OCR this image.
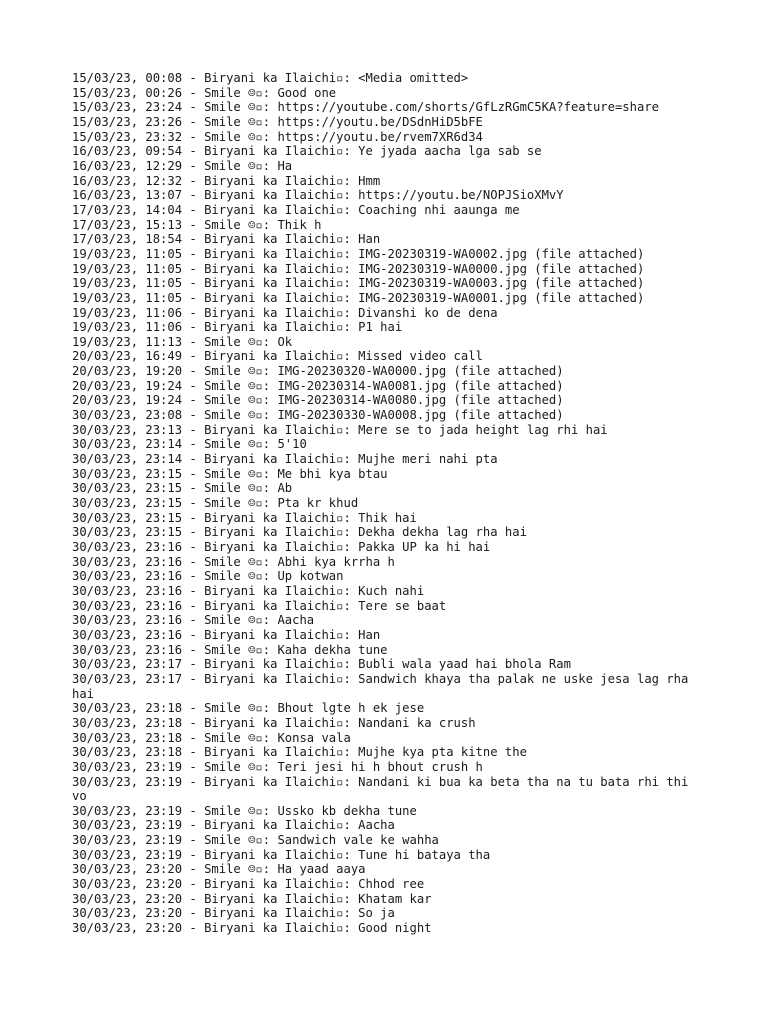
15/03/23, 00:08 - Biryani ka Ilaichi▫: <Media omitted>
15/03/23, 00:26 - Smile ☺▫: Good one
15/03/23, 23:24 - Smile ☺▫: https://youtube.com/shorts/GfLzRGmC5KA?feature=share
15/03/23, 23:26 - Smile ☺▫: https://youtu.be/DSdnHiD5bFE
15/03/23, 23:32 - Smile ☺▫: https://youtu.be/rvem7XR6d34
16/03/23, 09:54 - Biryani ka Ilaichi▫: Ye jyada aacha lga sab se
16/03/23, 12:29 - Smile ☺▫: Ha
16/03/23, 12:32 - Biryani ka Ilaichi▫: Hmm
16/03/23, 13:07 - Biryani ka Ilaichi▫: https://youtu.be/NOPJSioXMvY
17/03/23, 14:04 - Biryani ka Ilaichi▫: Coaching nhi aaunga me
17/03/23, 15:13 - Smile ☺▫: Thik h
17/03/23, 18:54 - Biryani ka Ilaichi▫: Han
19/03/23, 11:05 - Biryani ka Ilaichi▫: IMG-20230319-WA0002.jpg (file attached)
19/03/23, 11:05 - Biryani ka Ilaichi▫: IMG-20230319-WA0000.jpg (file attached)
19/03/23, 11:05 - Biryani ka Ilaichi▫: IMG-20230319-WA0003.jpg (file attached)
19/03/23, 11:05 - Biryani ka Ilaichi▫: IMG-20230319-WA0001.jpg (file attached)
19/03/23, 11:06 - Biryani ka Ilaichi▫: Divanshi ko de dena
19/03/23, 11:06 - Biryani ka Ilaichi▫: P1 hai
19/03/23, 11:13 - Smile ☺▫: Ok
20/03/23, 16:49 - Biryani ka Ilaichi▫: Missed video call
20/03/23, 19:20 - Smile ☺▫: IMG-20230320-WA0000.jpg (file attached)
20/03/23, 19:24 - Smile ☺▫: IMG-20230314-WA0081.jpg (file attached)
20/03/23, 19:24 - Smile ☺▫: IMG-20230314-WA0080.jpg (file attached)
30/03/23, 23:08 - Smile ☺▫: IMG-20230330-WA0008.jpg (file attached)
30/03/23, 23:13 - Biryani ka Ilaichi▫: Mere se to jada height lag rhi hai
30/03/23, 23:14 - Smile ☺▫: 5'10
30/03/23, 23:14 - Biryani ka Ilaichi▫: Mujhe meri nahi pta
30/03/23, 23:15 - Smile ☺▫: Me bhi kya btau
30/03/23, 23:15 - Smile ☺▫: Ab
30/03/23, 23:15 - Smile ☺▫: Pta kr khud
30/03/23, 23:15 - Biryani ka Ilaichi▫: Thik hai
30/03/23, 23:15 - Biryani ka Ilaichi▫: Dekha dekha lag rha hai
30/03/23, 23:16 - Biryani ka Ilaichi▫: Pakka UP ka hi hai
30/03/23, 23:16 - Smile ☺▫: Abhi kya krrha h
30/03/23, 23:16 - Smile ☺▫: Up kotwan
30/03/23, 23:16 - Biryani ka Ilaichi▫: Kuch nahi
30/03/23, 23:16 - Biryani ka Ilaichi▫: Tere se baat
30/03/23, 23:16 - Smile ☺▫: Aacha
30/03/23, 23:16 - Biryani ka Ilaichi▫: Han
30/03/23, 23:16 - Smile ☺▫: Kaha dekha tune
30/03/23, 23:17 - Biryani ka Ilaichi▫: Bubli wala yaad hai bhola Ram
30/03/23, 23:17 - Biryani ka Ilaichi▫: Sandwich khaya tha palak ne uske jesa lag rha hai
30/03/23, 23:18 - Smile ☺▫: Bhout lgte h ek jese
30/03/23, 23:18 - Biryani ka Ilaichi▫: Nandani ka crush
30/03/23, 23:18 - Smile ☺▫: Konsa vala
30/03/23, 23:18 - Biryani ka Ilaichi▫: Mujhe kya pta kitne the
30/03/23, 23:19 - Smile ☺▫: Teri jesi hi h bhout crush h
30/03/23, 23:19 - Biryani ka Ilaichi▫: Nandani ki bua ka beta tha na tu bata rhi thi vo
30/03/23, 23:19 - Smile ☺▫: Ussko kb dekha tune
30/03/23, 23:19 - Biryani ka Ilaichi▫: Aacha
30/03/23, 23:19 - Smile ☺▫: Sandwich vale ke wahha
30/03/23, 23:19 - Biryani ka Ilaichi▫: Tune hi bataya tha
30/03/23, 23:20 - Smile ☺▫: Ha yaad aaya
30/03/23, 23:20 - Biryani ka Ilaichi▫: Chhod ree
30/03/23, 23:20 - Biryani ka Ilaichi▫: Khatam kar
30/03/23, 23:20 - Biryani ka Ilaichi▫: So ja
30/03/23, 23:20 - Biryani ka Ilaichi▫: Good night
